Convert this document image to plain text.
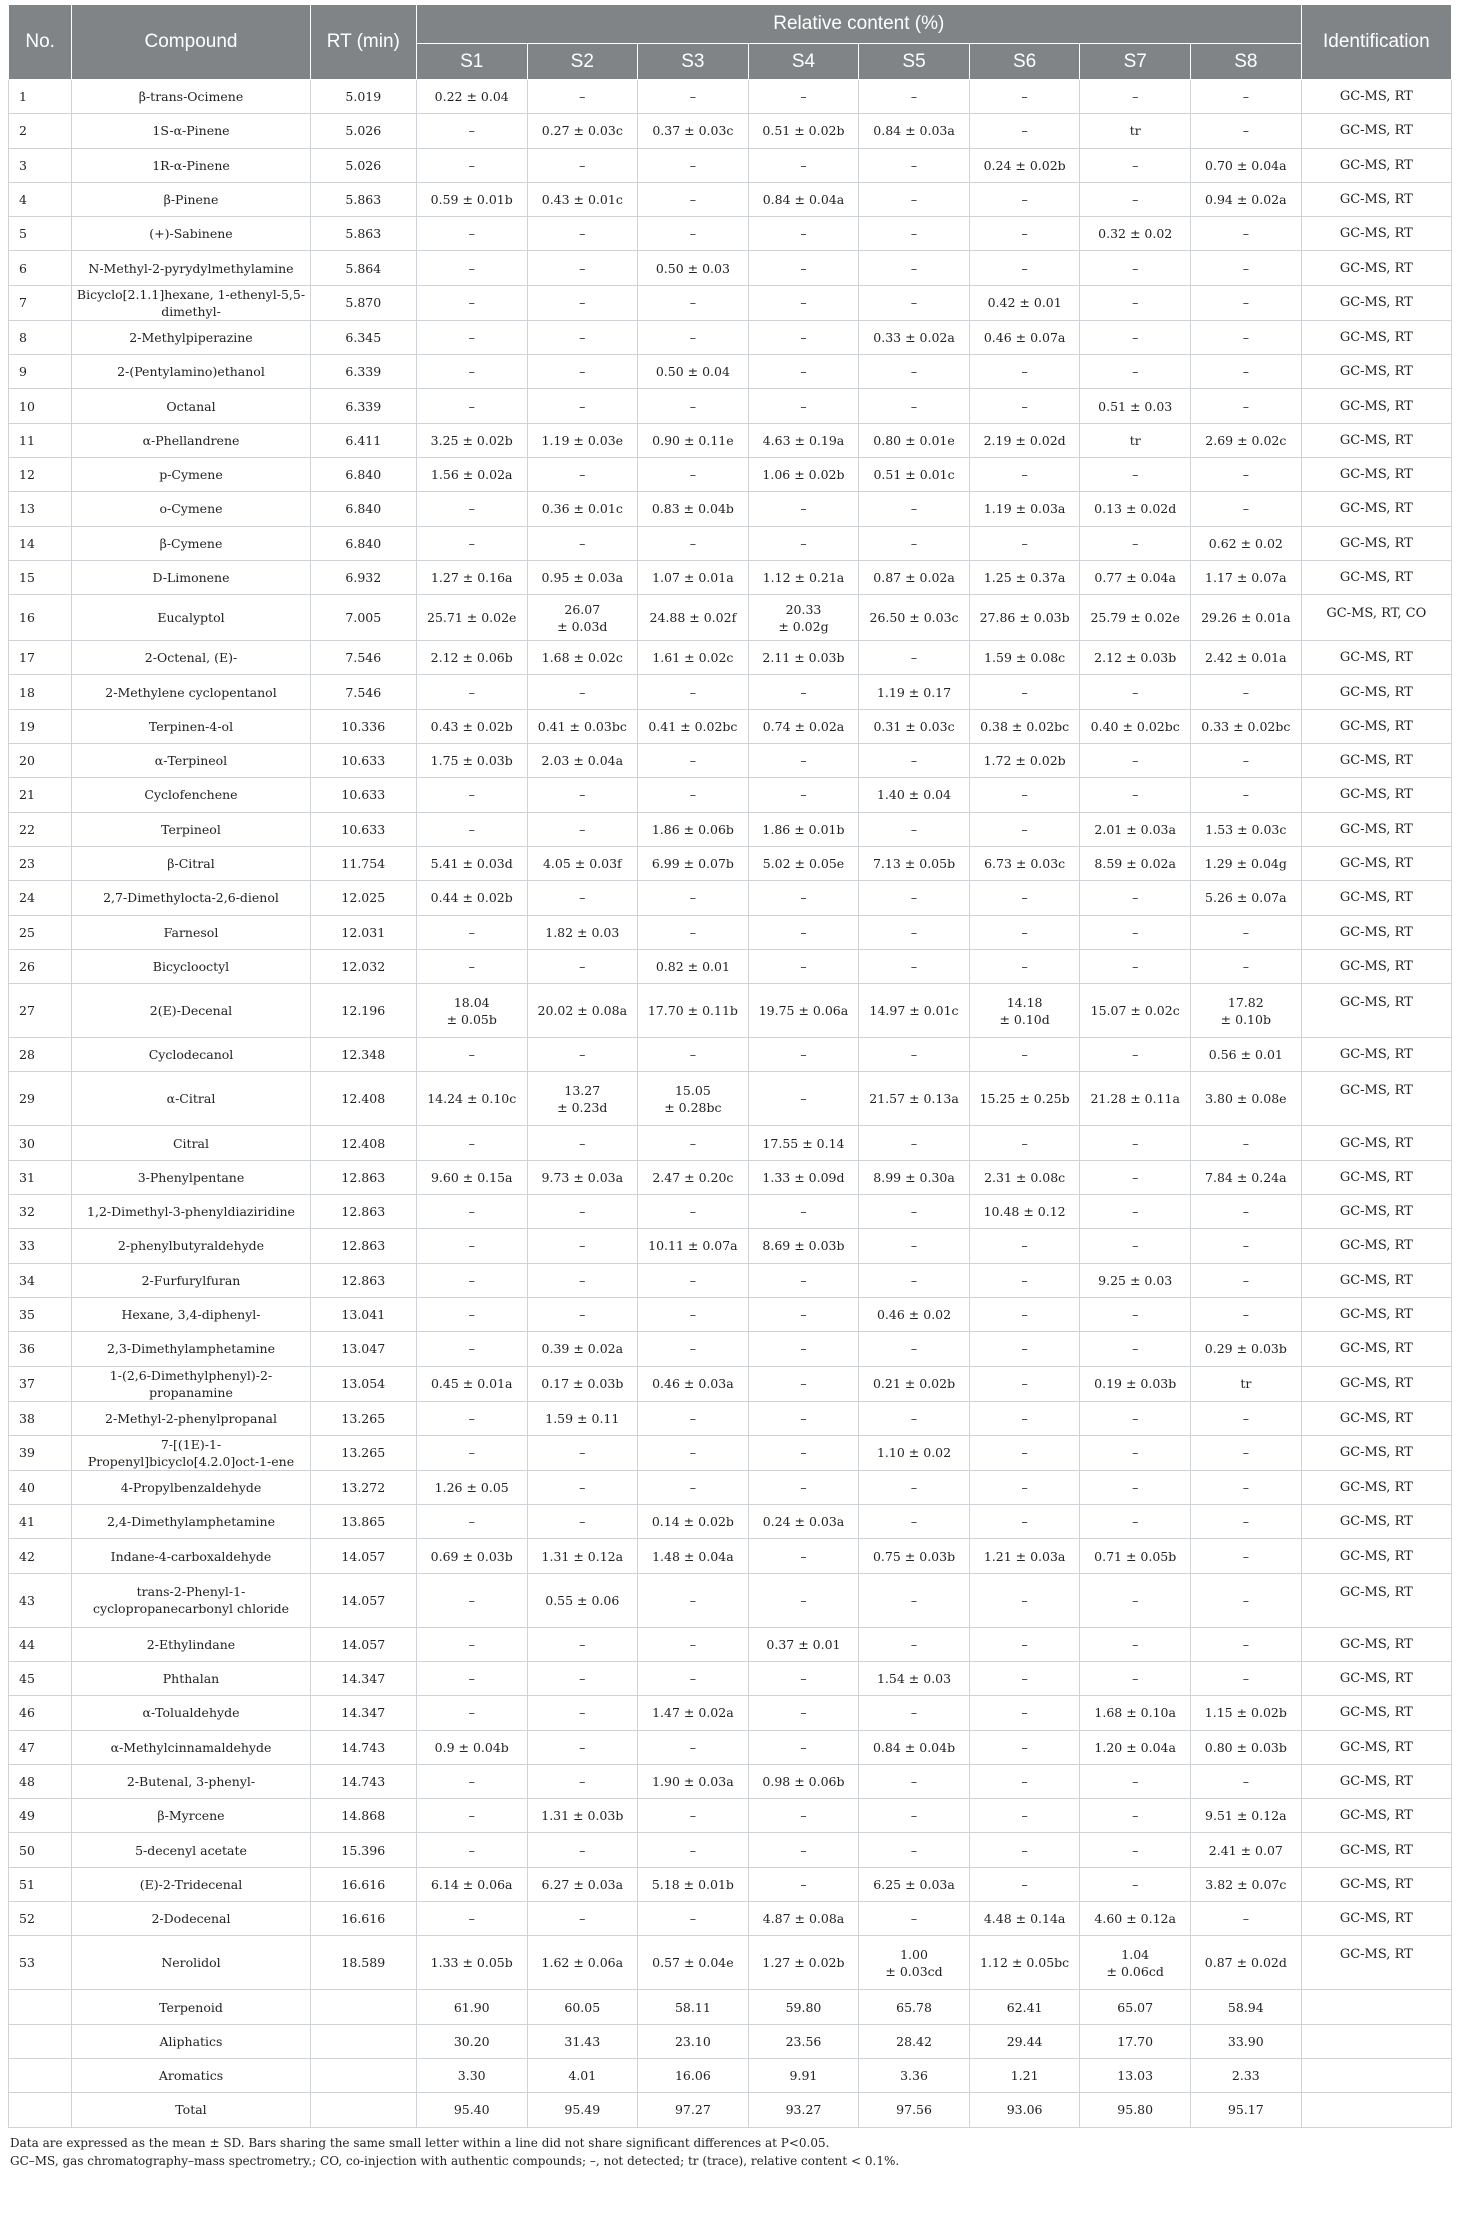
No.	Compound	RT (min)	Relative content (%)								Identification
			S1	S2	S3	S4	S5	S6	S7	S8	
1	β-trans-Ocimene	5.019	0.22 ± 0.04	–	–	–	–	–	–	–	GC-MS, RT
2	1S-α-Pinene	5.026	–	0.27 ± 0.03c	0.37 ± 0.03c	0.51 ± 0.02b	0.84 ± 0.03a	–	tr	–	GC-MS, RT
3	1R-α-Pinene	5.026	–	–	–	–	–	0.24 ± 0.02b	–	0.70 ± 0.04a	GC-MS, RT
4	β-Pinene	5.863	0.59 ± 0.01b	0.43 ± 0.01c	–	0.84 ± 0.04a	–	–	–	0.94 ± 0.02a	GC-MS, RT
5	(+)-Sabinene	5.863	–	–	–	–	–	–	0.32 ± 0.02	–	GC-MS, RT
6	N-Methyl-2-pyrydylmethylamine	5.864	–	–	0.50 ± 0.03	–	–	–	–	–	GC-MS, RT
7	Bicyclo[2.1.1]hexane, 1-ethenyl-5,5-dimethyl-	5.870	–	–	–	–	–	0.42 ± 0.01	–	–	GC-MS, RT
8	2-Methylpiperazine	6.345	–	–	–	–	0.33 ± 0.02a	0.46 ± 0.07a	–	–	GC-MS, RT
9	2-(Pentylamino)ethanol	6.339	–	–	0.50 ± 0.04	–	–	–	–	–	GC-MS, RT
10	Octanal	6.339	–	–	–	–	–	–	0.51 ± 0.03	–	GC-MS, RT
11	α-Phellandrene	6.411	3.25 ± 0.02b	1.19 ± 0.03e	0.90 ± 0.11e	4.63 ± 0.19a	0.80 ± 0.01e	2.19 ± 0.02d	tr	2.69 ± 0.02c	GC-MS, RT
12	p-Cymene	6.840	1.56 ± 0.02a	–	–	1.06 ± 0.02b	0.51 ± 0.01c	–	–	–	GC-MS, RT
13	o-Cymene	6.840	–	0.36 ± 0.01c	0.83 ± 0.04b	–	–	1.19 ± 0.03a	0.13 ± 0.02d	–	GC-MS, RT
14	β-Cymene	6.840	–	–	–	–	–	–	–	0.62 ± 0.02	GC-MS, RT
15	D-Limonene	6.932	1.27 ± 0.16a	0.95 ± 0.03a	1.07 ± 0.01a	1.12 ± 0.21a	0.87 ± 0.02a	1.25 ± 0.37a	0.77 ± 0.04a	1.17 ± 0.07a	GC-MS, RT
16	Eucalyptol	7.005	25.71 ± 0.02e	26.07
± 0.03d	24.88 ± 0.02f	20.33
± 0.02g	26.50 ± 0.03c	27.86 ± 0.03b	25.79 ± 0.02e	29.26 ± 0.01a	GC-MS, RT, CO
17	2-Octenal, (E)-	7.546	2.12 ± 0.06b	1.68 ± 0.02c	1.61 ± 0.02c	2.11 ± 0.03b	–	1.59 ± 0.08c	2.12 ± 0.03b	2.42 ± 0.01a	GC-MS, RT
18	2-Methylene cyclopentanol	7.546	–	–	–	–	1.19 ± 0.17	–	–	–	GC-MS, RT
19	Terpinen-4-ol	10.336	0.43 ± 0.02b	0.41 ± 0.03bc	0.41 ± 0.02bc	0.74 ± 0.02a	0.31 ± 0.03c	0.38 ± 0.02bc	0.40 ± 0.02bc	0.33 ± 0.02bc	GC-MS, RT
20	α-Terpineol	10.633	1.75 ± 0.03b	2.03 ± 0.04a	–	–	–	1.72 ± 0.02b	–	–	GC-MS, RT
21	Cyclofenchene	10.633	–	–	–	–	1.40 ± 0.04	–	–	–	GC-MS, RT
22	Terpineol	10.633	–	–	1.86 ± 0.06b	1.86 ± 0.01b	–	–	2.01 ± 0.03a	1.53 ± 0.03c	GC-MS, RT
23	β-Citral	11.754	5.41 ± 0.03d	4.05 ± 0.03f	6.99 ± 0.07b	5.02 ± 0.05e	7.13 ± 0.05b	6.73 ± 0.03c	8.59 ± 0.02a	1.29 ± 0.04g	GC-MS, RT
24	2,7-Dimethylocta-2,6-dienol	12.025	0.44 ± 0.02b	–	–	–	–	–	–	5.26 ± 0.07a	GC-MS, RT
25	Farnesol	12.031	–	1.82 ± 0.03	–	–	–	–	–	–	GC-MS, RT
26	Bicyclooctyl	12.032	–	–	0.82 ± 0.01	–	–	–	–	–	GC-MS, RT
27	2(E)-Decenal	12.196	18.04
± 0.05b	20.02 ± 0.08a	17.70 ± 0.11b	19.75 ± 0.06a	14.97 ± 0.01c	14.18
± 0.10d	15.07 ± 0.02c	17.82
± 0.10b	GC-MS, RT
28	Cyclodecanol	12.348	–	–	–	–	–	–	–	0.56 ± 0.01	GC-MS, RT
29	α-Citral	12.408	14.24 ± 0.10c	13.27
± 0.23d	15.05
± 0.28bc	–	21.57 ± 0.13a	15.25 ± 0.25b	21.28 ± 0.11a	3.80 ± 0.08e	GC-MS, RT
30	Citral	12.408	–	–	–	17.55 ± 0.14	–	–	–	–	GC-MS, RT
31	3-Phenylpentane	12.863	9.60 ± 0.15a	9.73 ± 0.03a	2.47 ± 0.20c	1.33 ± 0.09d	8.99 ± 0.30a	2.31 ± 0.08c	–	7.84 ± 0.24a	GC-MS, RT
32	1,2-Dimethyl-3-phenyldiaziridine	12.863	–	–	–	–	–	10.48 ± 0.12	–	–	GC-MS, RT
33	2-phenylbutyraldehyde	12.863	–	–	10.11 ± 0.07a	8.69 ± 0.03b	–	–	–	–	GC-MS, RT
34	2-Furfurylfuran	12.863	–	–	–	–	–	–	9.25 ± 0.03	–	GC-MS, RT
35	Hexane, 3,4-diphenyl-	13.041	–	–	–	–	0.46 ± 0.02	–	–	–	GC-MS, RT
36	2,3-Dimethylamphetamine	13.047	–	0.39 ± 0.02a	–	–	–	–	–	0.29 ± 0.03b	GC-MS, RT
37	1-(2,6-Dimethylphenyl)-2-propanamine	13.054	0.45 ± 0.01a	0.17 ± 0.03b	0.46 ± 0.03a	–	0.21 ± 0.02b	–	0.19 ± 0.03b	tr	GC-MS, RT
38	2-Methyl-2-phenylpropanal	13.265	–	1.59 ± 0.11	–	–	–	–	–	–	GC-MS, RT
39	7-[(1E)-1-Propenyl]bicyclo[4.2.0]oct-1-ene	13.265	–	–	–	–	1.10 ± 0.02	–	–	–	GC-MS, RT
40	4-Propylbenzaldehyde	13.272	1.26 ± 0.05	–	–	–	–	–	–	–	GC-MS, RT
41	2,4-Dimethylamphetamine	13.865	–	–	0.14 ± 0.02b	0.24 ± 0.03a	–	–	–	–	GC-MS, RT
42	Indane-4-carboxaldehyde	14.057	0.69 ± 0.03b	1.31 ± 0.12a	1.48 ± 0.04a	–	0.75 ± 0.03b	1.21 ± 0.03a	0.71 ± 0.05b	–	GC-MS, RT
43	trans-2-Phenyl-1-
cyclopropanecarbonyl chloride	14.057	–	0.55 ± 0.06	–	–	–	–	–	–	GC-MS, RT
44	2-Ethylindane	14.057	–	–	–	0.37 ± 0.01	–	–	–	–	GC-MS, RT
45	Phthalan	14.347	–	–	–	–	1.54 ± 0.03	–	–	–	GC-MS, RT
46	α-Tolualdehyde	14.347	–	–	1.47 ± 0.02a	–	–	–	1.68 ± 0.10a	1.15 ± 0.02b	GC-MS, RT
47	α-Methylcinnamaldehyde	14.743	0.9 ± 0.04b	–	–	–	0.84 ± 0.04b	–	1.20 ± 0.04a	0.80 ± 0.03b	GC-MS, RT
48	2-Butenal, 3-phenyl-	14.743	–	–	1.90 ± 0.03a	0.98 ± 0.06b	–	–	–	–	GC-MS, RT
49	β-Myrcene	14.868	–	1.31 ± 0.03b	–	–	–	–	–	9.51 ± 0.12a	GC-MS, RT
50	5-decenyl acetate	15.396	–	–	–	–	–	–	–	2.41 ± 0.07	GC-MS, RT
51	(E)-2-Tridecenal	16.616	6.14 ± 0.06a	6.27 ± 0.03a	5.18 ± 0.01b	–	6.25 ± 0.03a	–	–	3.82 ± 0.07c	GC-MS, RT
52	2-Dodecenal	16.616	–	–	–	4.87 ± 0.08a	–	4.48 ± 0.14a	4.60 ± 0.12a	–	GC-MS, RT
53	Nerolidol	18.589	1.33 ± 0.05b	1.62 ± 0.06a	0.57 ± 0.04e	1.27 ± 0.02b	1.00
± 0.03cd	1.12 ± 0.05bc	1.04
± 0.06cd	0.87 ± 0.02d	GC-MS, RT
	Terpenoid		61.90	60.05	58.11	59.80	65.78	62.41	65.07	58.94	
	Aliphatics		30.20	31.43	23.10	23.56	28.42	29.44	17.70	33.90	
	Aromatics		3.30	4.01	16.06	9.91	3.36	1.21	13.03	2.33	
	Total		95.40	95.49	97.27	93.27	97.56	93.06	95.80	95.17	
Data are expressed as the mean ± SD. Bars sharing the same small letter within a line did not share significant differences at P<0.05.
GC–MS, gas chromatography–mass spectrometry.; CO, co-injection with authentic compounds; –, not detected; tr (trace), relative content < 0.1%.
